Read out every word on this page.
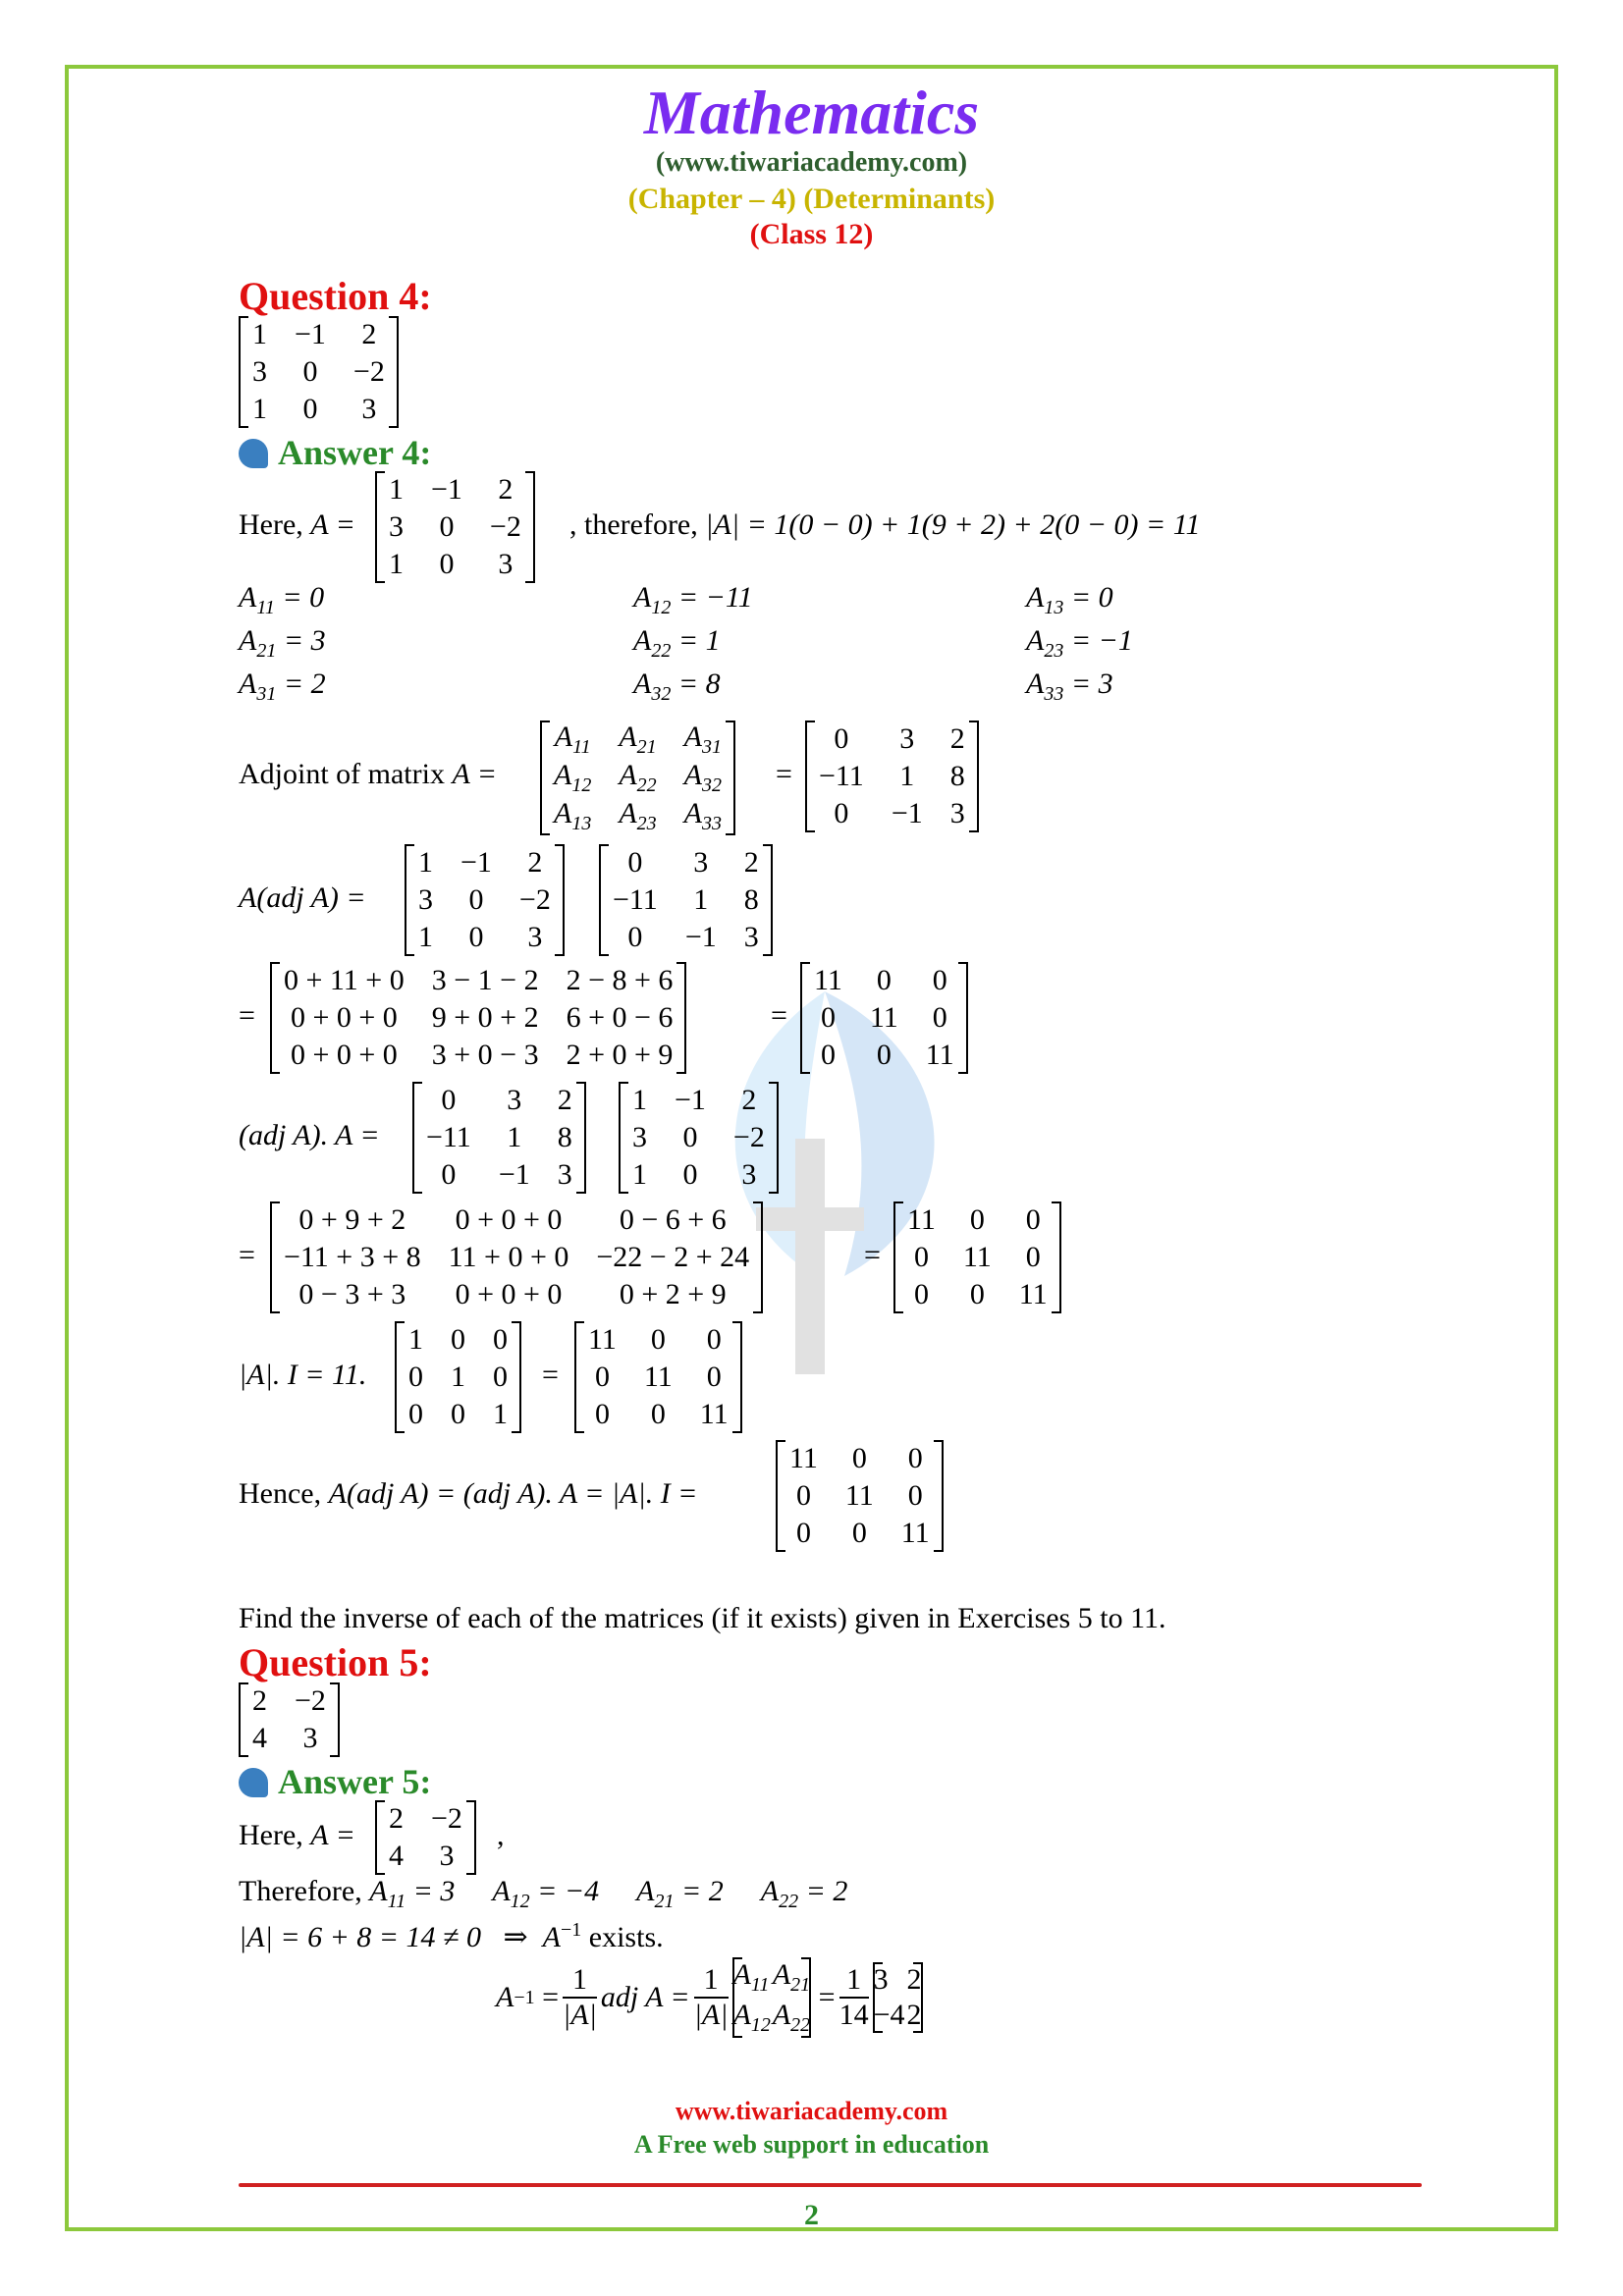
Mathematics
(www.tiwariacademy.com)
(Chapter – 4) (Determinants)
(Class 12)
Question 4:
1	−1	2
3	0	−2
1	0	3
Answer 4:
Here, A =
1	−1	2
3	0	−2
1	0	3
, therefore, |A| = 1(0 − 0) + 1(9 + 2) + 2(0 − 0) = 11
$A_{11} = 0$	$A_{12} = -11$	$A_{13} = 0$
$A_{21} = 3$	$A_{22} = 1$	$A_{23} = -1$
$A_{31} = 2$	$A_{32} = 8$	$A_{33} = 3$
Adjoint of matrix A =
$A_{11}$	$A_{21}$	$A_{31}$
$A_{12}$	$A_{22}$	$A_{32}$
$A_{13}$	$A_{23}$	$A_{33}$
=
0	3	2
−11	1	8
0	−1	3
A(adj A) =
1	−1	2
3	0	−2
1	0	3
0	3	2
−11	1	8
0	−1	3
=
0 + 11 + 0	3 − 1 − 2	2 − 8 + 6
0 + 0 + 0	9 + 0 + 2	6 + 0 − 6
0 + 0 + 0	3 + 0 − 3	2 + 0 + 9
=
11	0	0
0	11	0
0	0	11
(adj A). A =
0	3	2
−11	1	8
0	−1	3
1	−1	2
3	0	−2
1	0	3
=
0 + 9 + 2	0 + 0 + 0	0 − 6 + 6
−11 + 3 + 8	11 + 0 + 0	−22 − 2 + 24
0 − 3 + 3	0 + 0 + 0	0 + 2 + 9
=
11	0	0
0	11	0
0	0	11
|A|. I = 11.
1	0	0
0	1	0
0	0	1
=
11	0	0
0	11	0
0	0	11
Hence, A(adj A) = (adj A). A = |A|. I =
11	0	0
0	11	0
0	0	11
Find the inverse of each of the matrices (if it exists) given in Exercises 5 to 11.
Question 5:
2	−2
4	3
Answer 5:
Here, A =
2	−2
4	3
,
Therefore, $A_{11} = 3$ $A_{12} = -4$ $A_{21} = 2$ $A_{22} = 2$
|A| = 6 + 8 = 14 ≠ 0 ⇒ $A^{-1}$ exists.
A −1
= $\frac{1}{|A|}$ adj $A = \frac{1}{|A|} A_{11}$	$A_{21}$
$A_{12}$	$A_{22}$

= $\frac{1}{14} 3$	2
−4	2
www.tiwariacademy.com
A Free web support in education
2
